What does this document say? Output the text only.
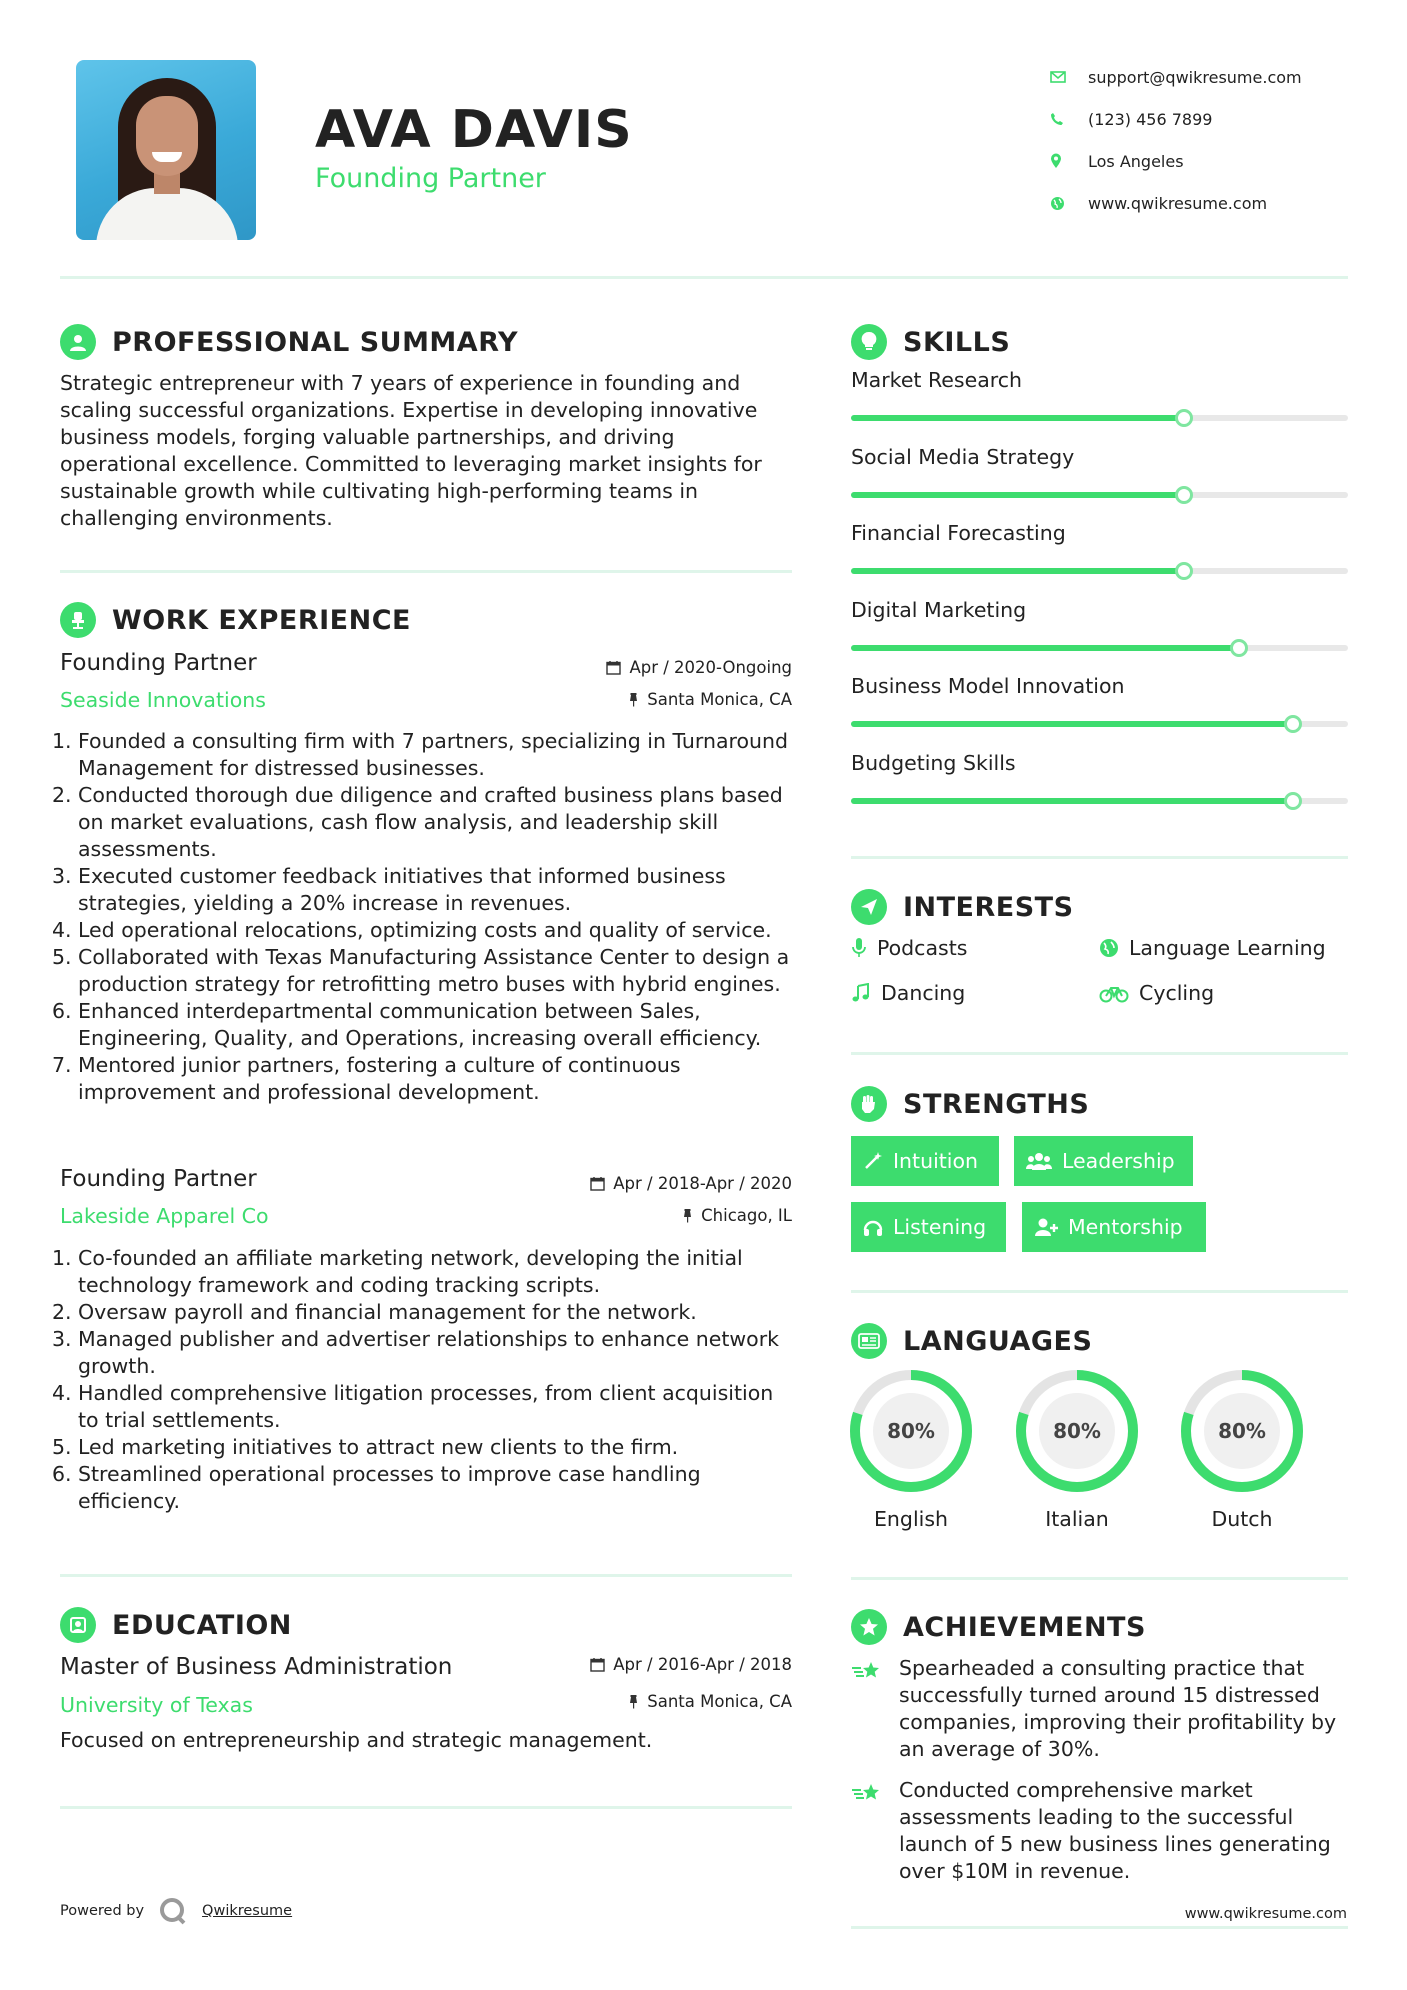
AVA DAVIS
Founding Partner
support@qwikresume.com
(123) 456 7899
Los Angeles
www.qwikresume.com
PROFESSIONAL SUMMARY
Strategic entrepreneur with 7 years of experience in founding and scaling successful organizations. Expertise in developing innovative business models, forging valuable partnerships, and driving operational excellence. Committed to leveraging market insights for sustainable growth while cultivating high-performing teams in challenging environments.
WORK EXPERIENCE
Founding Partner
Seaside Innovations
Apr / 2020-Ongoing
Santa Monica, CA
1. Founded a consulting firm with 7 partners, specializing in Turnaround Management for distressed businesses.
2. Conducted thorough due diligence and crafted business plans based on market evaluations, cash flow analysis, and leadership skill assessments.
3. Executed customer feedback initiatives that informed business strategies, yielding a 20% increase in revenues.
4. Led operational relocations, optimizing costs and quality of service.
5. Collaborated with Texas Manufacturing Assistance Center to design a production strategy for retrofitting metro buses with hybrid engines.
6. Enhanced interdepartmental communication between Sales, Engineering, Quality, and Operations, increasing overall efficiency.
7. Mentored junior partners, fostering a culture of continuous improvement and professional development.
Founding Partner
Lakeside Apparel Co
Apr / 2018-Apr / 2020
Chicago, IL
1. Co-founded an affiliate marketing network, developing the initial technology framework and coding tracking scripts.
2. Oversaw payroll and financial management for the network.
3. Managed publisher and advertiser relationships to enhance network growth.
4. Handled comprehensive litigation processes, from client acquisition to trial settlements.
5. Led marketing initiatives to attract new clients to the firm.
6. Streamlined operational processes to improve case handling efficiency.
EDUCATION
Master of Business Administration
University of Texas
Apr / 2016-Apr / 2018
Santa Monica, CA
Focused on entrepreneurship and strategic management.
SKILLS
Market Research
Social Media Strategy
Financial Forecasting
Digital Marketing
Business Model Innovation
Budgeting Skills
INTERESTS
Podcasts	Language Learning
Dancing	Cycling
STRENGTHS
Intuition	Leadership
Listening	Mentorship
LANGUAGES
80%
English
80%
Italian
80%
Dutch
ACHIEVEMENTS
Spearheaded a consulting practice that successfully turned around 15 distressed companies, improving their profitability by an average of 30%.
Conducted comprehensive market assessments leading to the successful launch of 5 new business lines generating over $10M in revenue.
Powered by	Qwikresume	www.qwikresume.com
